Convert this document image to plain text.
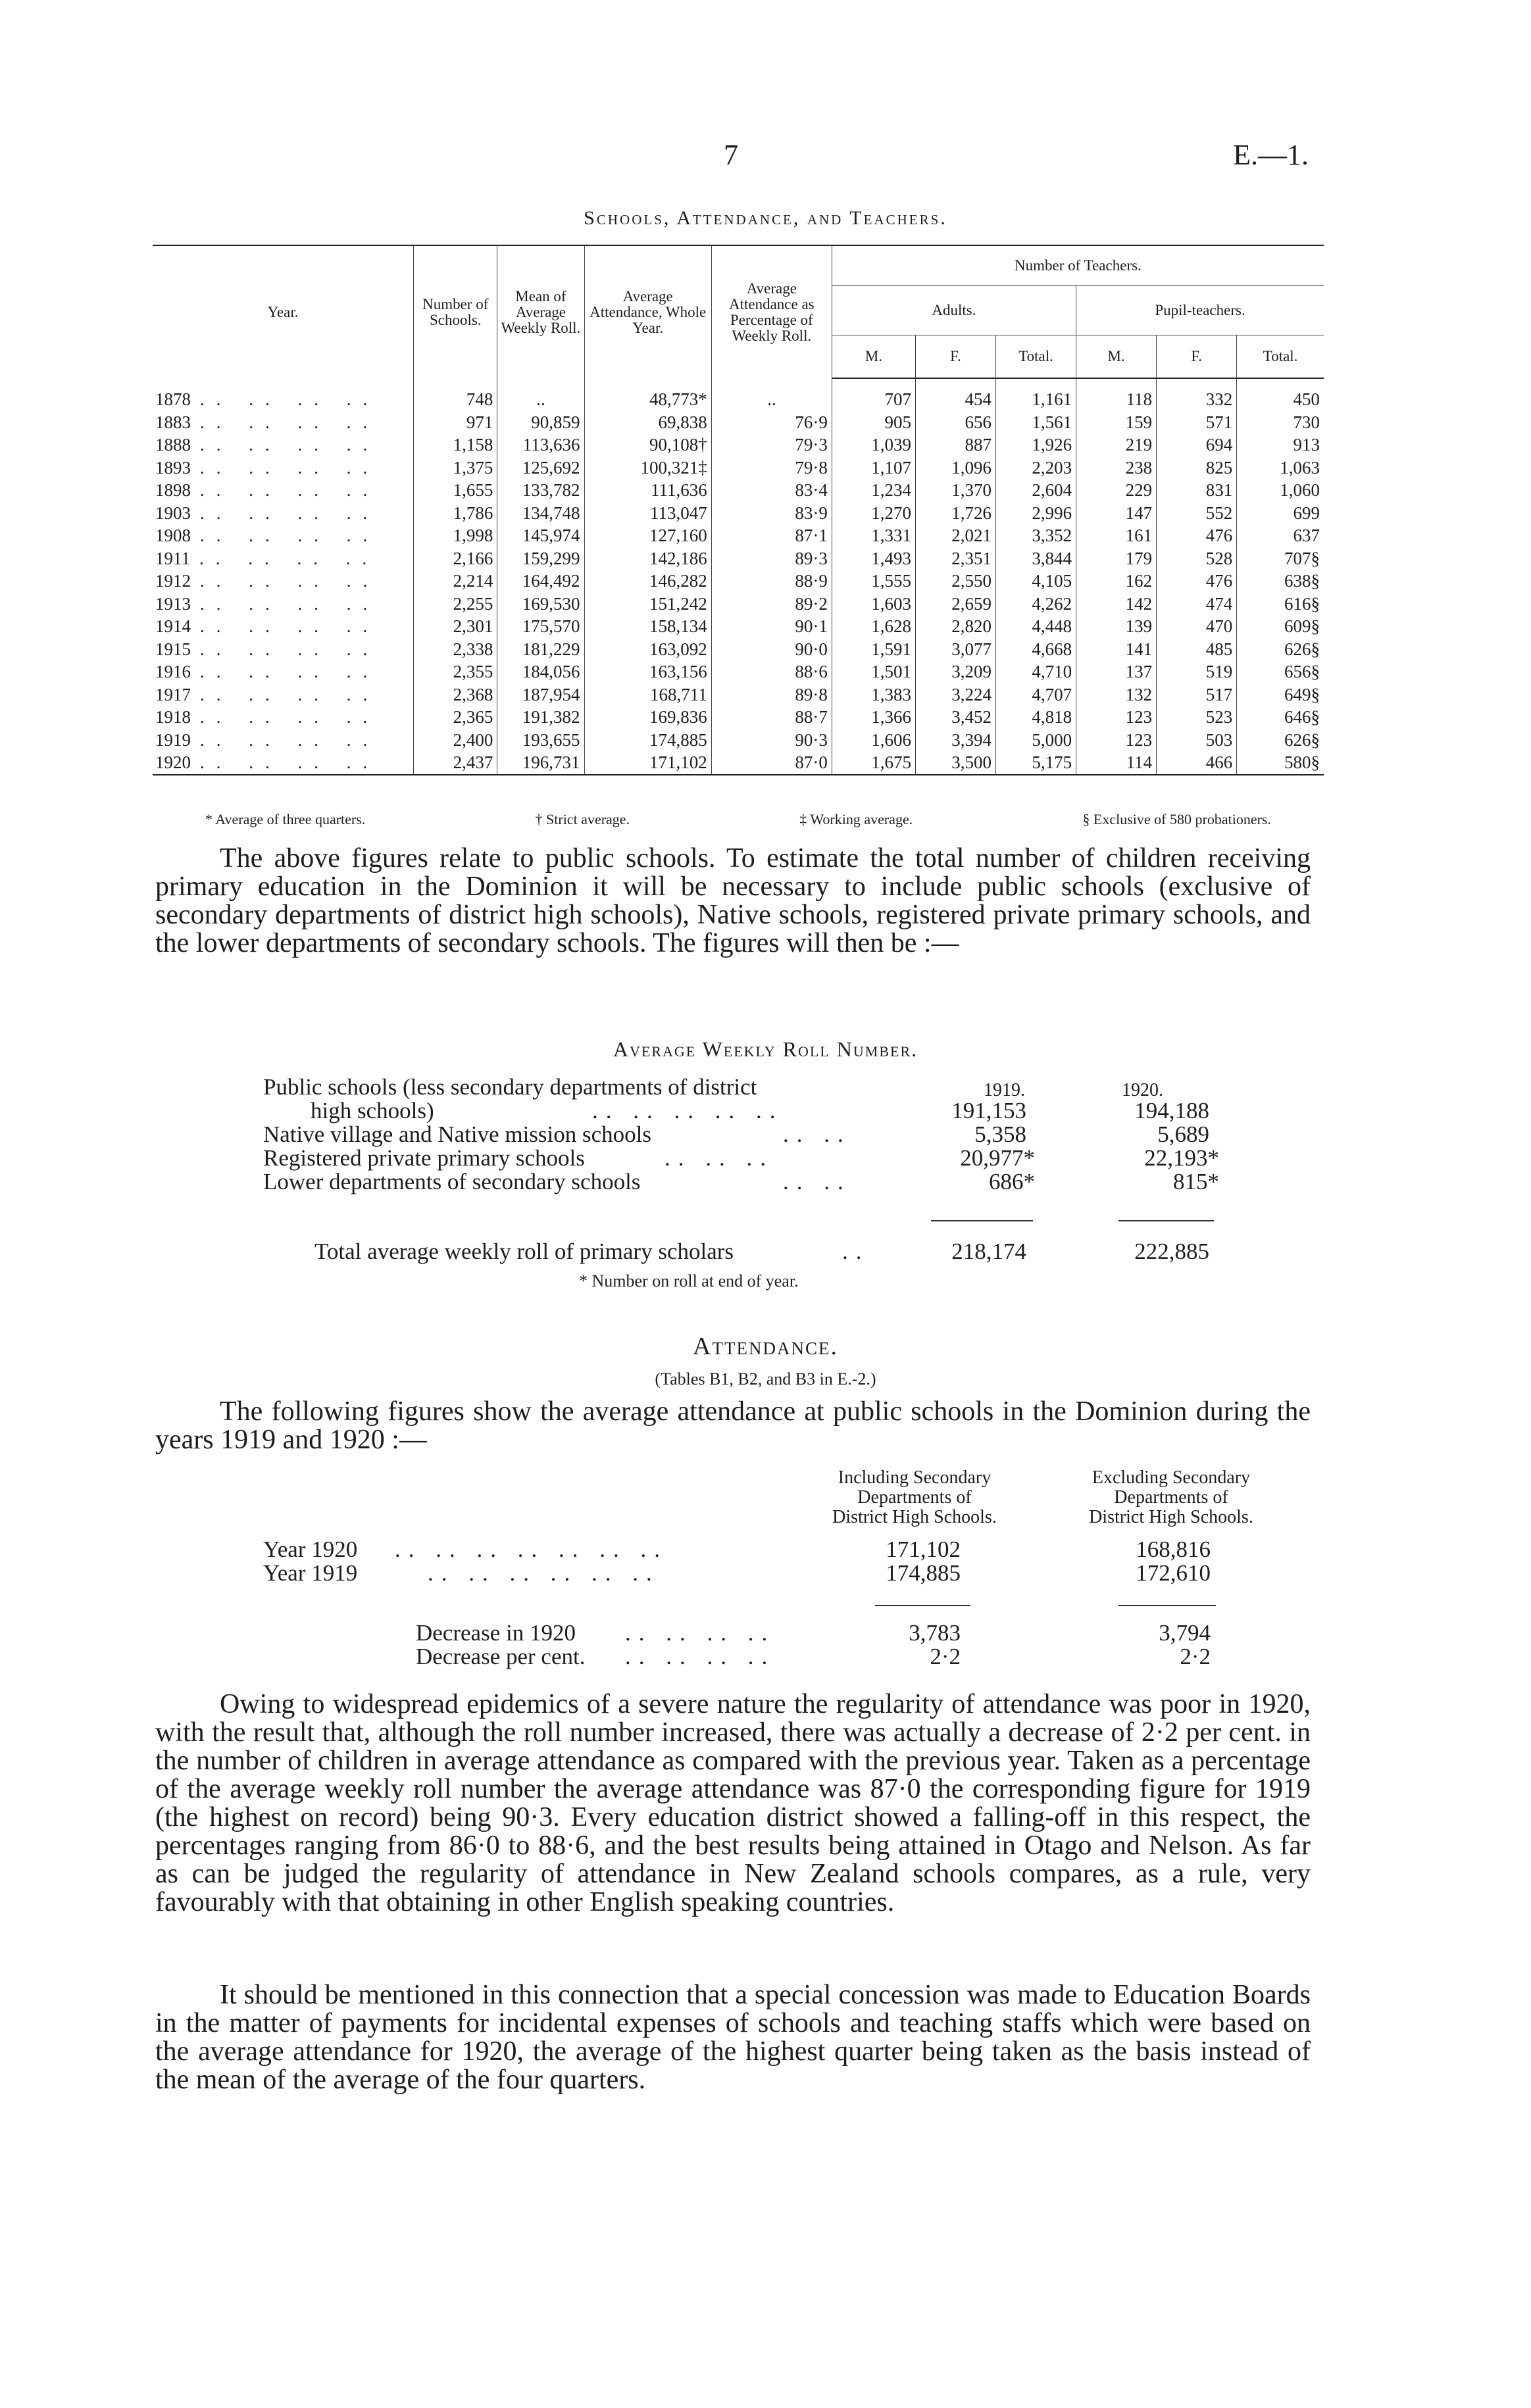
7	E.—1.
Schools, Attendance, and Teachers.
Year.	Number of Schools.	Mean of Average Weekly Roll.	Average Attendance, Whole Year.	Average Attendance as Percentage of Weekly Roll.	Number of Teachers.					
					Adults.			Pupil-teachers.		
					M.	F.	Total.	M.	F.	Total.
1878 .. .. .. ..	748	..	48,773*	..	707	454	1,161	118	332	450
1883 .. .. .. ..	971	90,859	69,838	76·9	905	656	1,561	159	571	730
1888 .. .. .. ..	1,158	113,636	90,108†	79·3	1,039	887	1,926	219	694	913
1893 .. .. .. ..	1,375	125,692	100,321‡	79·8	1,107	1,096	2,203	238	825	1,063
1898 .. .. .. ..	1,655	133,782	111,636	83·4	1,234	1,370	2,604	229	831	1,060
1903 .. .. .. ..	1,786	134,748	113,047	83·9	1,270	1,726	2,996	147	552	699
1908 .. .. .. ..	1,998	145,974	127,160	87·1	1,331	2,021	3,352	161	476	637
1911 .. .. .. ..	2,166	159,299	142,186	89·3	1,493	2,351	3,844	179	528	707§
1912 .. .. .. ..	2,214	164,492	146,282	88·9	1,555	2,550	4,105	162	476	638§
1913 .. .. .. ..	2,255	169,530	151,242	89·2	1,603	2,659	4,262	142	474	616§
1914 .. .. .. ..	2,301	175,570	158,134	90·1	1,628	2,820	4,448	139	470	609§
1915 .. .. .. ..	2,338	181,229	163,092	90·0	1,591	3,077	4,668	141	485	626§
1916 .. .. .. ..	2,355	184,056	163,156	88·6	1,501	3,209	4,710	137	519	656§
1917 .. .. .. ..	2,368	187,954	168,711	89·8	1,383	3,224	4,707	132	517	649§
1918 .. .. .. ..	2,365	191,382	169,836	88·7	1,366	3,452	4,818	123	523	646§
1919 .. .. .. ..	2,400	193,655	174,885	90·3	1,606	3,394	5,000	123	503	626§
1920 .. .. .. ..	2,437	196,731	171,102	87·0	1,675	3,500	5,175	114	466	580§
* Average of three quarters.	† Strict average.	‡ Working average.	§ Exclusive of 580 probationers.

The above figures relate to public schools. To estimate the total number of children receiving primary education in the Dominion it will be necessary to include public schools (exclusive of secondary departments of district high schools), Native schools, registered private primary schools, and the lower departments of secondary schools. The figures will then be :—

Average Weekly Roll Number.
1919.	1920.
Public schools (less secondary departments of district
high schools)	.. .. .. .. ..	191,153	194,188
Native village and Native mission schools	.. ..	5,358	5,689
Registered private primary schools	.. .. ..	20,977*	22,193*
Lower departments of secondary schools	.. ..	686*	815*
Total average weekly roll of primary scholars	..	218,174	222,885
* Number on roll at end of year.
Attendance.
(Tables B1, B2, and B3 in E.-2.)

The following figures show the average attendance at public schools in the Dominion during the years 1919 and 1920 :—

Including Secondary
Departments of
District High Schools.
Excluding Secondary
Departments of
District High Schools.
Year 1920 .. .. .. .. .. .. ..	171,102	168,816
Year 1919	.. .. .. .. .. ..	174,885	172,610
Decrease in 1920 .. .. .. ..	3,783	3,794
Decrease per cent. .. .. .. ..	2·2	2·2

Owing to widespread epidemics of a severe nature the regularity of attendance was poor in 1920, with the result that, although the roll number increased, there was actually a decrease of 2·2 per cent. in the number of children in average attendance as compared with the previous year. Taken as a percentage of the average weekly roll number the average attendance was 87·0 the corresponding figure for 1919 (the highest on record) being 90·3. Every education district showed a falling-off in this respect, the percentages ranging from 86·0 to 88·6, and the best results being attained in Otago and Nelson. As far as can be judged the regularity of attendance in New Zealand schools compares, as a rule, very favourably with that obtaining in other English speaking countries.

It should be mentioned in this connection that a special concession was made to Education Boards in the matter of payments for incidental expenses of schools and teaching staffs which were based on the average attendance for 1920, the average of the highest quarter being taken as the basis instead of the mean of the average of the four quarters.
